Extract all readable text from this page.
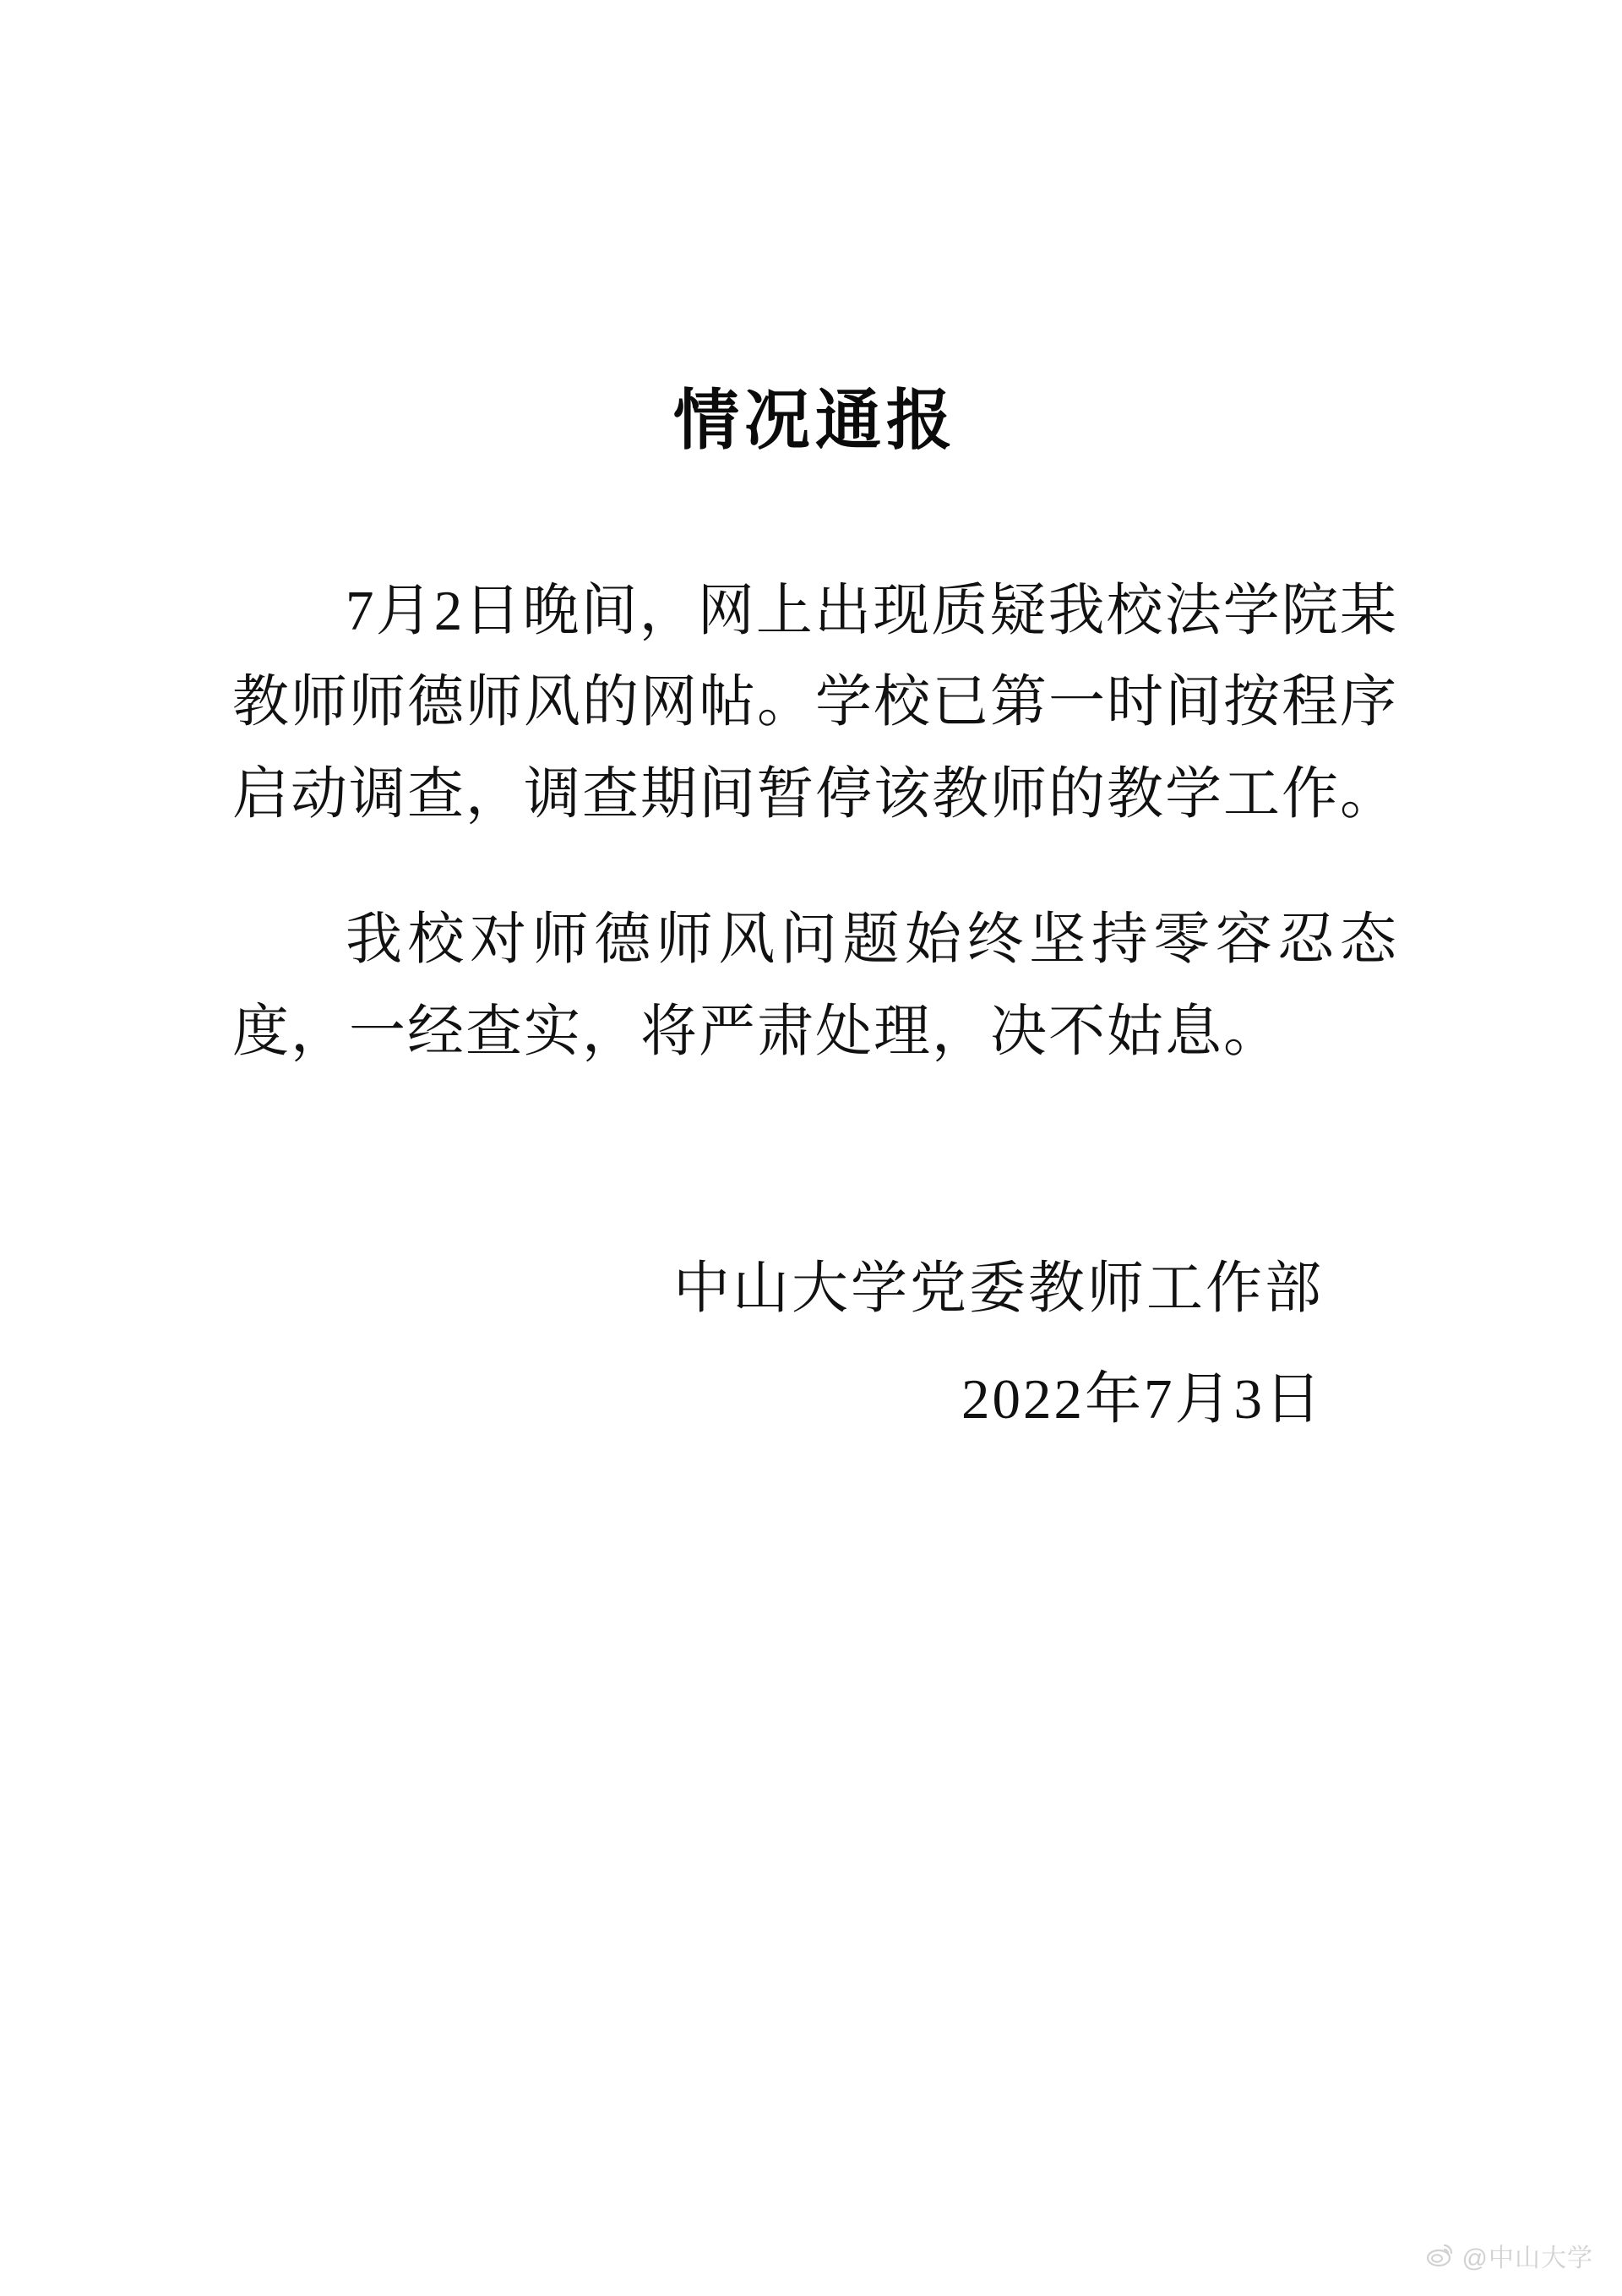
情况通报

7月2日晚间，网上出现质疑我校法学院某教师师德师风的网帖。学校已第一时间按程序启动调查，调查期间暂停该教师的教学工作。

我校对师德师风问题始终坚持零容忍态度，一经查实，将严肃处理，决不姑息。

中山大学党委教师工作部

2022年7月3日

@中山大学
